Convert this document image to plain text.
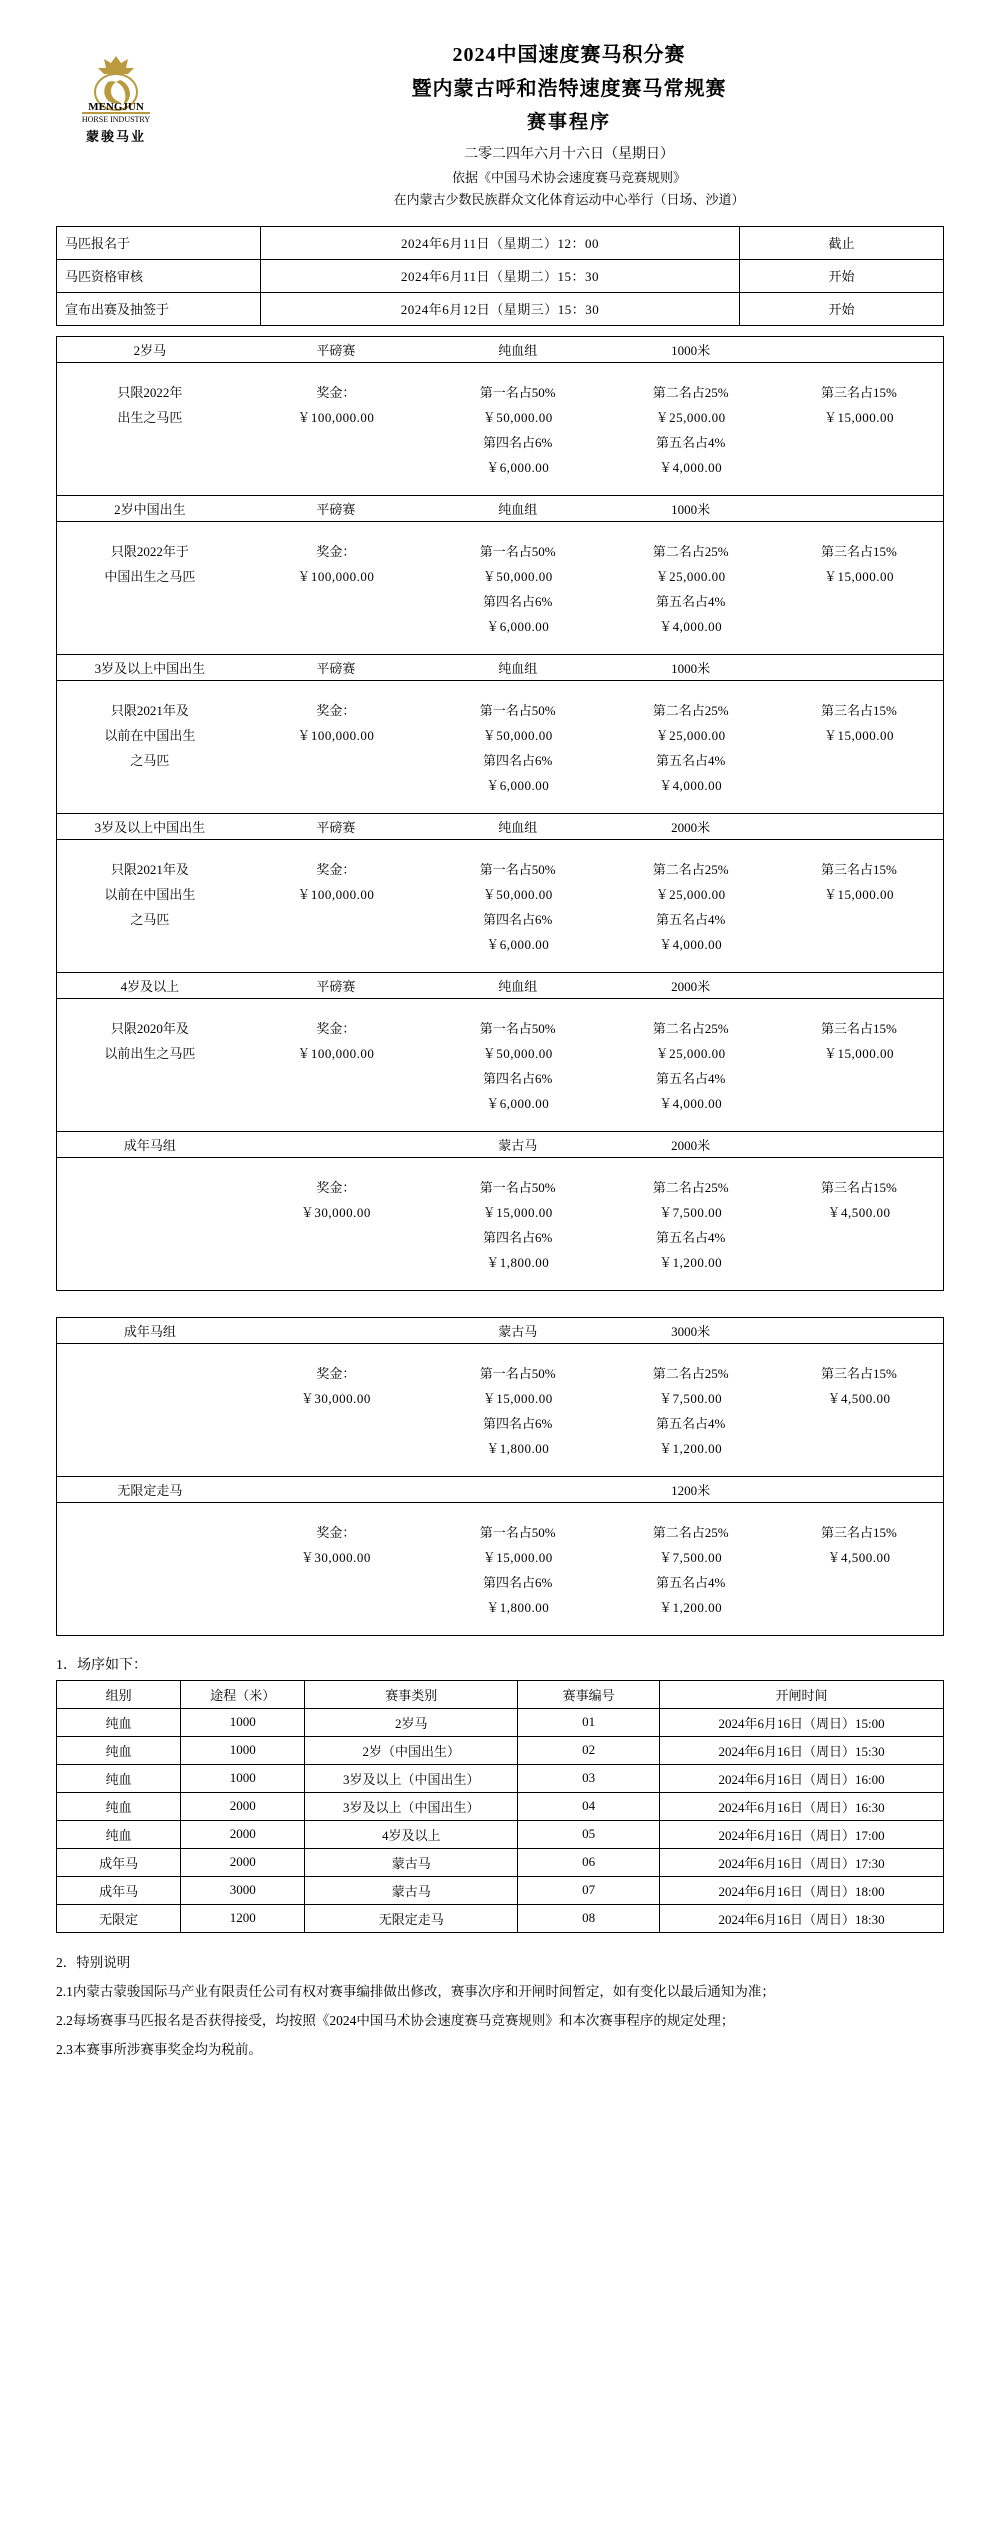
MENGJUN
HORSE INDUSTRY
蒙骏马业
2024中国速度赛马积分赛
暨内蒙古呼和浩特速度赛马常规赛
赛事程序
二零二四年六月十六日（星期日）
依据《中国马术协会速度赛马竞赛规则》
在内蒙古少数民族群众文化体育运动中心举行（日场、沙道）
马匹报名于	2024年6月11日（星期二）12：00	截止
马匹资格审核	2024年6月11日（星期二）15：30	开始
宣布出赛及抽签于	2024年6月12日（星期三）15：30	开始
2岁马	平磅赛	纯血组	1000米	

只限2022年	奖金：	第一名占50%	第二名占25%	第三名占15%
出生之马匹	￥100,000.00	￥50,000.00	￥25,000.00	￥15,000.00
		第四名占6%	第五名占4%	
		￥6,000.00	￥4,000.00	

2岁中国出生	平磅赛	纯血组	1000米	

只限2022年于	奖金：	第一名占50%	第二名占25%	第三名占15%
中国出生之马匹	￥100,000.00	￥50,000.00	￥25,000.00	￥15,000.00
		第四名占6%	第五名占4%	
		￥6,000.00	￥4,000.00	

3岁及以上中国出生	平磅赛	纯血组	1000米	

只限2021年及	奖金：	第一名占50%	第二名占25%	第三名占15%
以前在中国出生	￥100,000.00	￥50,000.00	￥25,000.00	￥15,000.00
之马匹		第四名占6%	第五名占4%	
		￥6,000.00	￥4,000.00	

3岁及以上中国出生	平磅赛	纯血组	2000米	

只限2021年及	奖金：	第一名占50%	第二名占25%	第三名占15%
以前在中国出生	￥100,000.00	￥50,000.00	￥25,000.00	￥15,000.00
之马匹		第四名占6%	第五名占4%	
		￥6,000.00	￥4,000.00	

4岁及以上	平磅赛	纯血组	2000米	

只限2020年及	奖金：	第一名占50%	第二名占25%	第三名占15%
以前出生之马匹	￥100,000.00	￥50,000.00	￥25,000.00	￥15,000.00
		第四名占6%	第五名占4%	
		￥6,000.00	￥4,000.00	

成年马组		蒙古马	2000米	

	奖金：	第一名占50%	第二名占25%	第三名占15%
	￥30,000.00	￥15,000.00	￥7,500.00	￥4,500.00
		第四名占6%	第五名占4%	
		￥1,800.00	￥1,200.00	

成年马组		蒙古马	3000米	

	奖金：	第一名占50%	第二名占25%	第三名占15%
	￥30,000.00	￥15,000.00	￥7,500.00	￥4,500.00
		第四名占6%	第五名占4%	
		￥1,800.00	￥1,200.00	

无限定走马			1200米	

	奖金：	第一名占50%	第二名占25%	第三名占15%
	￥30,000.00	￥15,000.00	￥7,500.00	￥4,500.00
		第四名占6%	第五名占4%	
		￥1,800.00	￥1,200.00	

1．场序如下：
组别	途程（米）	赛事类别	赛事编号	开闸时间
纯血	1000	2岁马	01	2024年6月16日（周日）15:00
纯血	1000	2岁（中国出生）	02	2024年6月16日（周日）15:30
纯血	1000	3岁及以上（中国出生）	03	2024年6月16日（周日）16:00
纯血	2000	3岁及以上（中国出生）	04	2024年6月16日（周日）16:30
纯血	2000	4岁及以上	05	2024年6月16日（周日）17:00
成年马	2000	蒙古马	06	2024年6月16日（周日）17:30
成年马	3000	蒙古马	07	2024年6月16日（周日）18:00
无限定	1200	无限定走马	08	2024年6月16日（周日）18:30
2．特别说明
2.1内蒙古蒙骏国际马产业有限责任公司有权对赛事编排做出修改，赛事次序和开闸时间暂定，如有变化以最后通知为准；
2.2每场赛事马匹报名是否获得接受，均按照《2024中国马术协会速度赛马竞赛规则》和本次赛事程序的规定处理；
2.3本赛事所涉赛事奖金均为税前。
